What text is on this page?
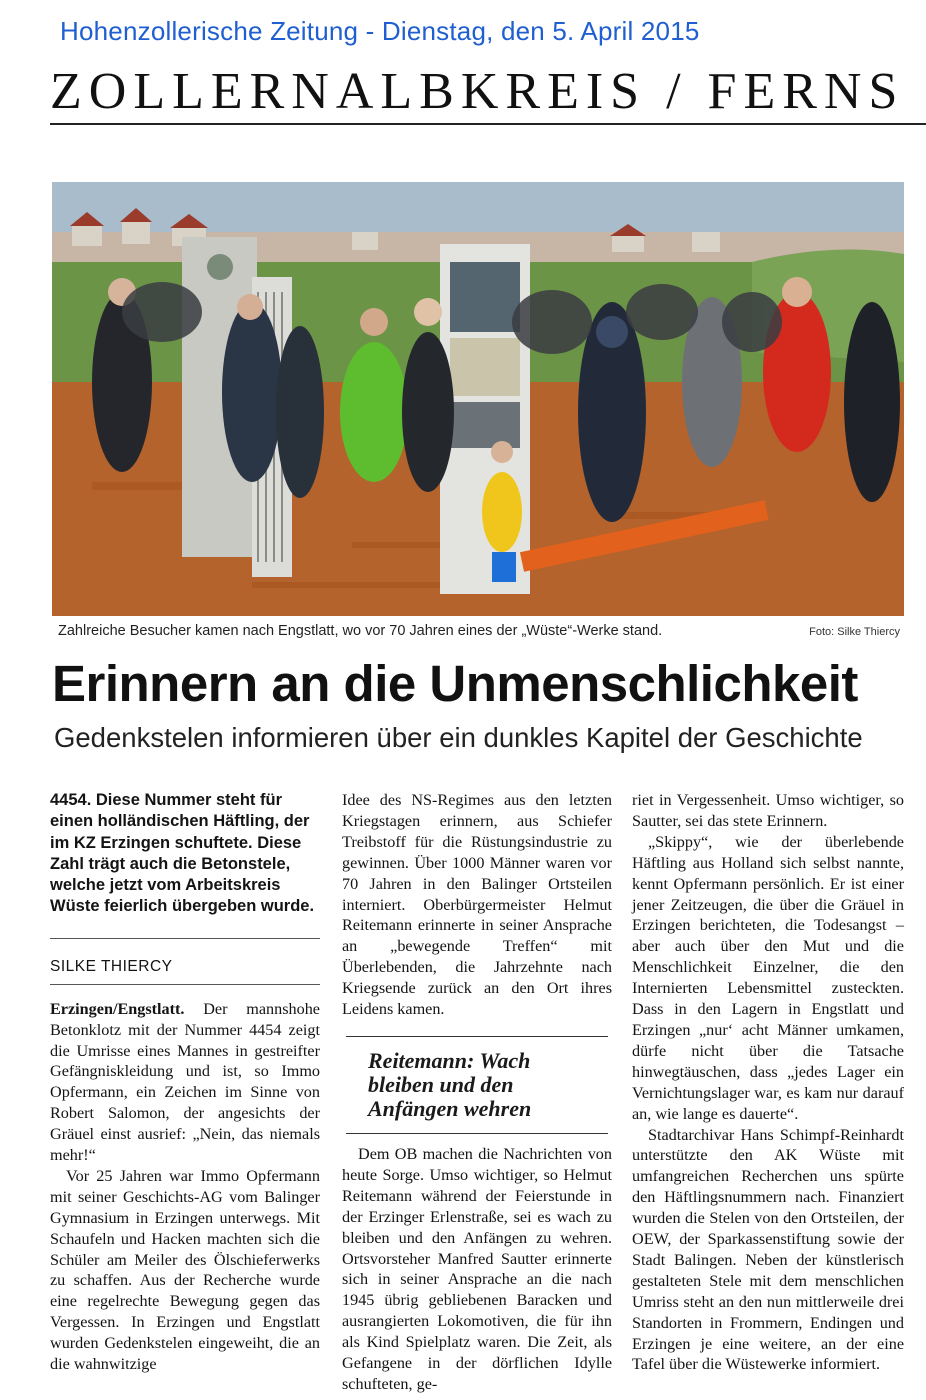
Hohenzollerische Zeitung - Dienstag, den 5. April 2015
ZOLLERNALBKREIS / FERNS
Zahlreiche Besucher kamen nach Engstlatt, wo vor 70 Jahren eines der „Wüste“-Werke stand.	Foto: Silke Thiercy
Erinnern an die Unmenschlichkeit
Gedenkstelen informieren über ein dunkles Kapitel der Geschichte

4454. Diese Nummer steht für einen holländischen Häftling, der im KZ Erzingen schuftete. Diese Zahl trägt auch die Betonstele, welche jetzt vom Arbeitskreis Wüste feierlich übergeben wurde.

SILKE THIERCY

Erzingen/Engstlatt. Der mannshohe Betonklotz mit der Nummer 4454 zeigt die Umrisse eines Mannes in gestreifter Gefängniskleidung und ist, so Immo Opfermann, ein Zeichen im Sinne von Robert Salomon, der angesichts der Gräuel einst ausrief: „Nein, das niemals mehr!“

Vor 25 Jahren war Immo Opfermann mit seiner Geschichts-AG vom Balinger Gymnasium in Erzingen unterwegs. Mit Schaufeln und Hacken machten sich die Schüler am Meiler des Ölschieferwerks zu schaffen. Aus der Recherche wurde eine regelrechte Bewegung gegen das Vergessen. In Erzingen und Engstlatt wurden Gedenkstelen eingeweiht, die an die wahnwitzige

Idee des NS-Regimes aus den letzten Kriegstagen erinnern, aus Schiefer Treibstoff für die Rüstungsindustrie zu gewinnen. Über 1000 Männer waren vor 70 Jahren in den Balinger Ortsteilen interniert. Oberbürgermeister Helmut Reitemann erinnerte in seiner Ansprache an „bewegende Treffen“ mit Überlebenden, die Jahrzehnte nach Kriegsende zurück an den Ort ihres Leidens kamen.

Reitemann: Wach bleiben und den Anfängen wehren

Dem OB machen die Nachrichten von heute Sorge. Umso wichtiger, so Helmut Reitemann während der Feierstunde in der Erzinger Erlenstraße, sei es wach zu bleiben und den Anfängen zu wehren. Ortsvorsteher Manfred Sautter erinnerte sich in seiner Ansprache an die nach 1945 übrig gebliebenen Baracken und ausrangierten Lokomotiven, die für ihn als Kind Spielplatz waren. Die Zeit, als Gefangene in der dörflichen Idylle schufteten, ge-

riet in Vergessenheit. Umso wichtiger, so Sautter, sei das stete Erinnern.

„Skippy“, wie der überlebende Häftling aus Holland sich selbst nannte, kennt Opfermann persönlich. Er ist einer jener Zeitzeugen, die über die Gräuel in Erzingen berichteten, die Todesangst – aber auch über den Mut und die Menschlichkeit Einzelner, die den Internierten Lebensmittel zusteckten. Dass in den Lagern in Engstlatt und Erzingen „nur‘ acht Männer umkamen, dürfe nicht über die Tatsache hinwegtäuschen, dass „jedes Lager ein Vernichtungslager war, es kam nur darauf an, wie lange es dauerte“.

Stadtarchivar Hans Schimpf-Reinhardt unterstützte den AK Wüste mit umfangreichen Recherchen uns spürte den Häftlingsnummern nach. Finanziert wurden die Stelen von den Ortsteilen, der OEW, der Sparkassenstiftung sowie der Stadt Balingen. Neben der künstlerisch gestalteten Stele mit dem menschlichen Umriss steht an den nun mittlerweile drei Standorten in Frommern, Endingen und Erzingen je eine weitere, an der eine Tafel über die Wüstewerke informiert.
